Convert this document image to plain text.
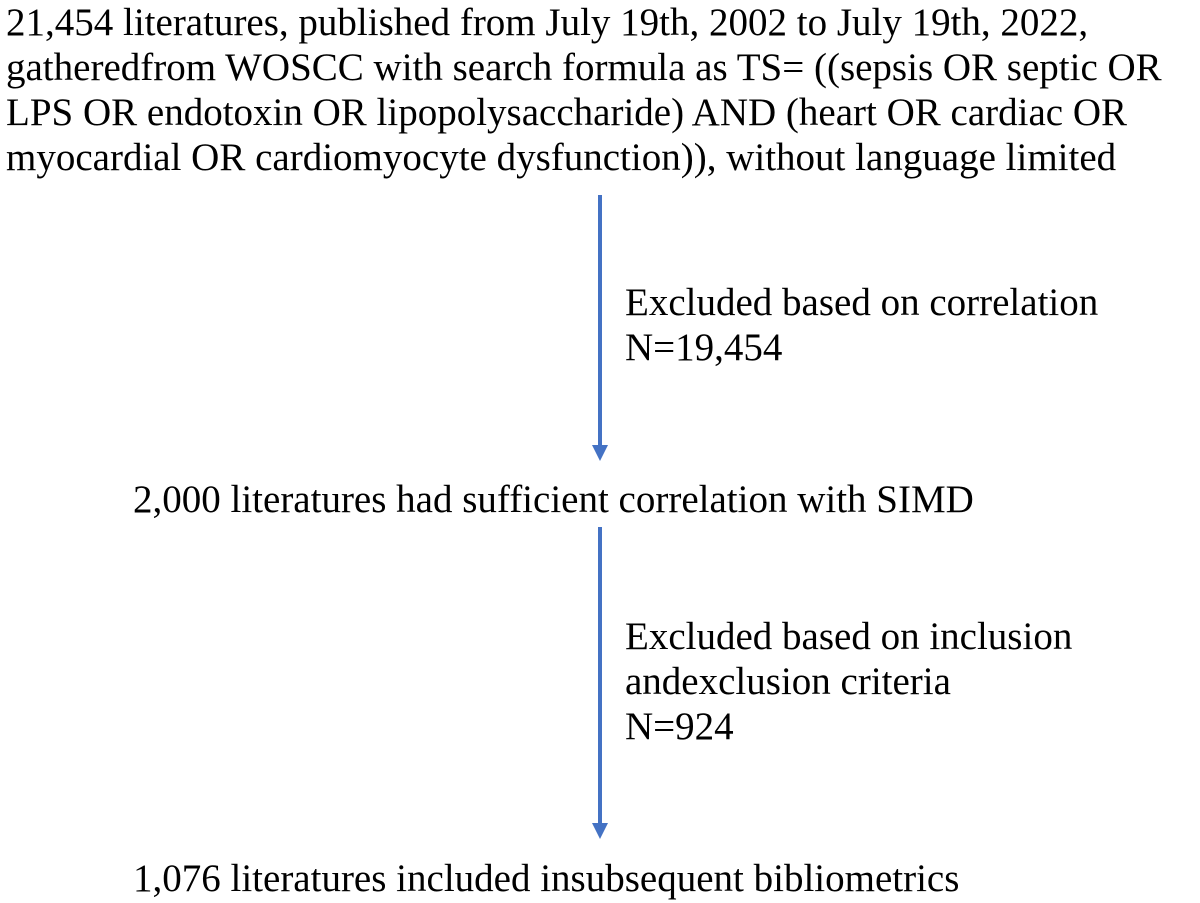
21,454 literatures, published from July 19th, 2002 to July 19th, 2022,
gatheredfrom WOSCC with search formula as TS= ((sepsis OR septic OR
LPS OR endotoxin OR lipopolysaccharide) AND (heart OR cardiac OR
myocardial OR cardiomyocyte dysfunction)), without language limited
Excluded based on correlation
N=19,454

2,000 literatures had sufficient correlation with SIMD

Excluded based on inclusion
andexclusion criteria
N=924

1,076 literatures included insubsequent bibliometrics
